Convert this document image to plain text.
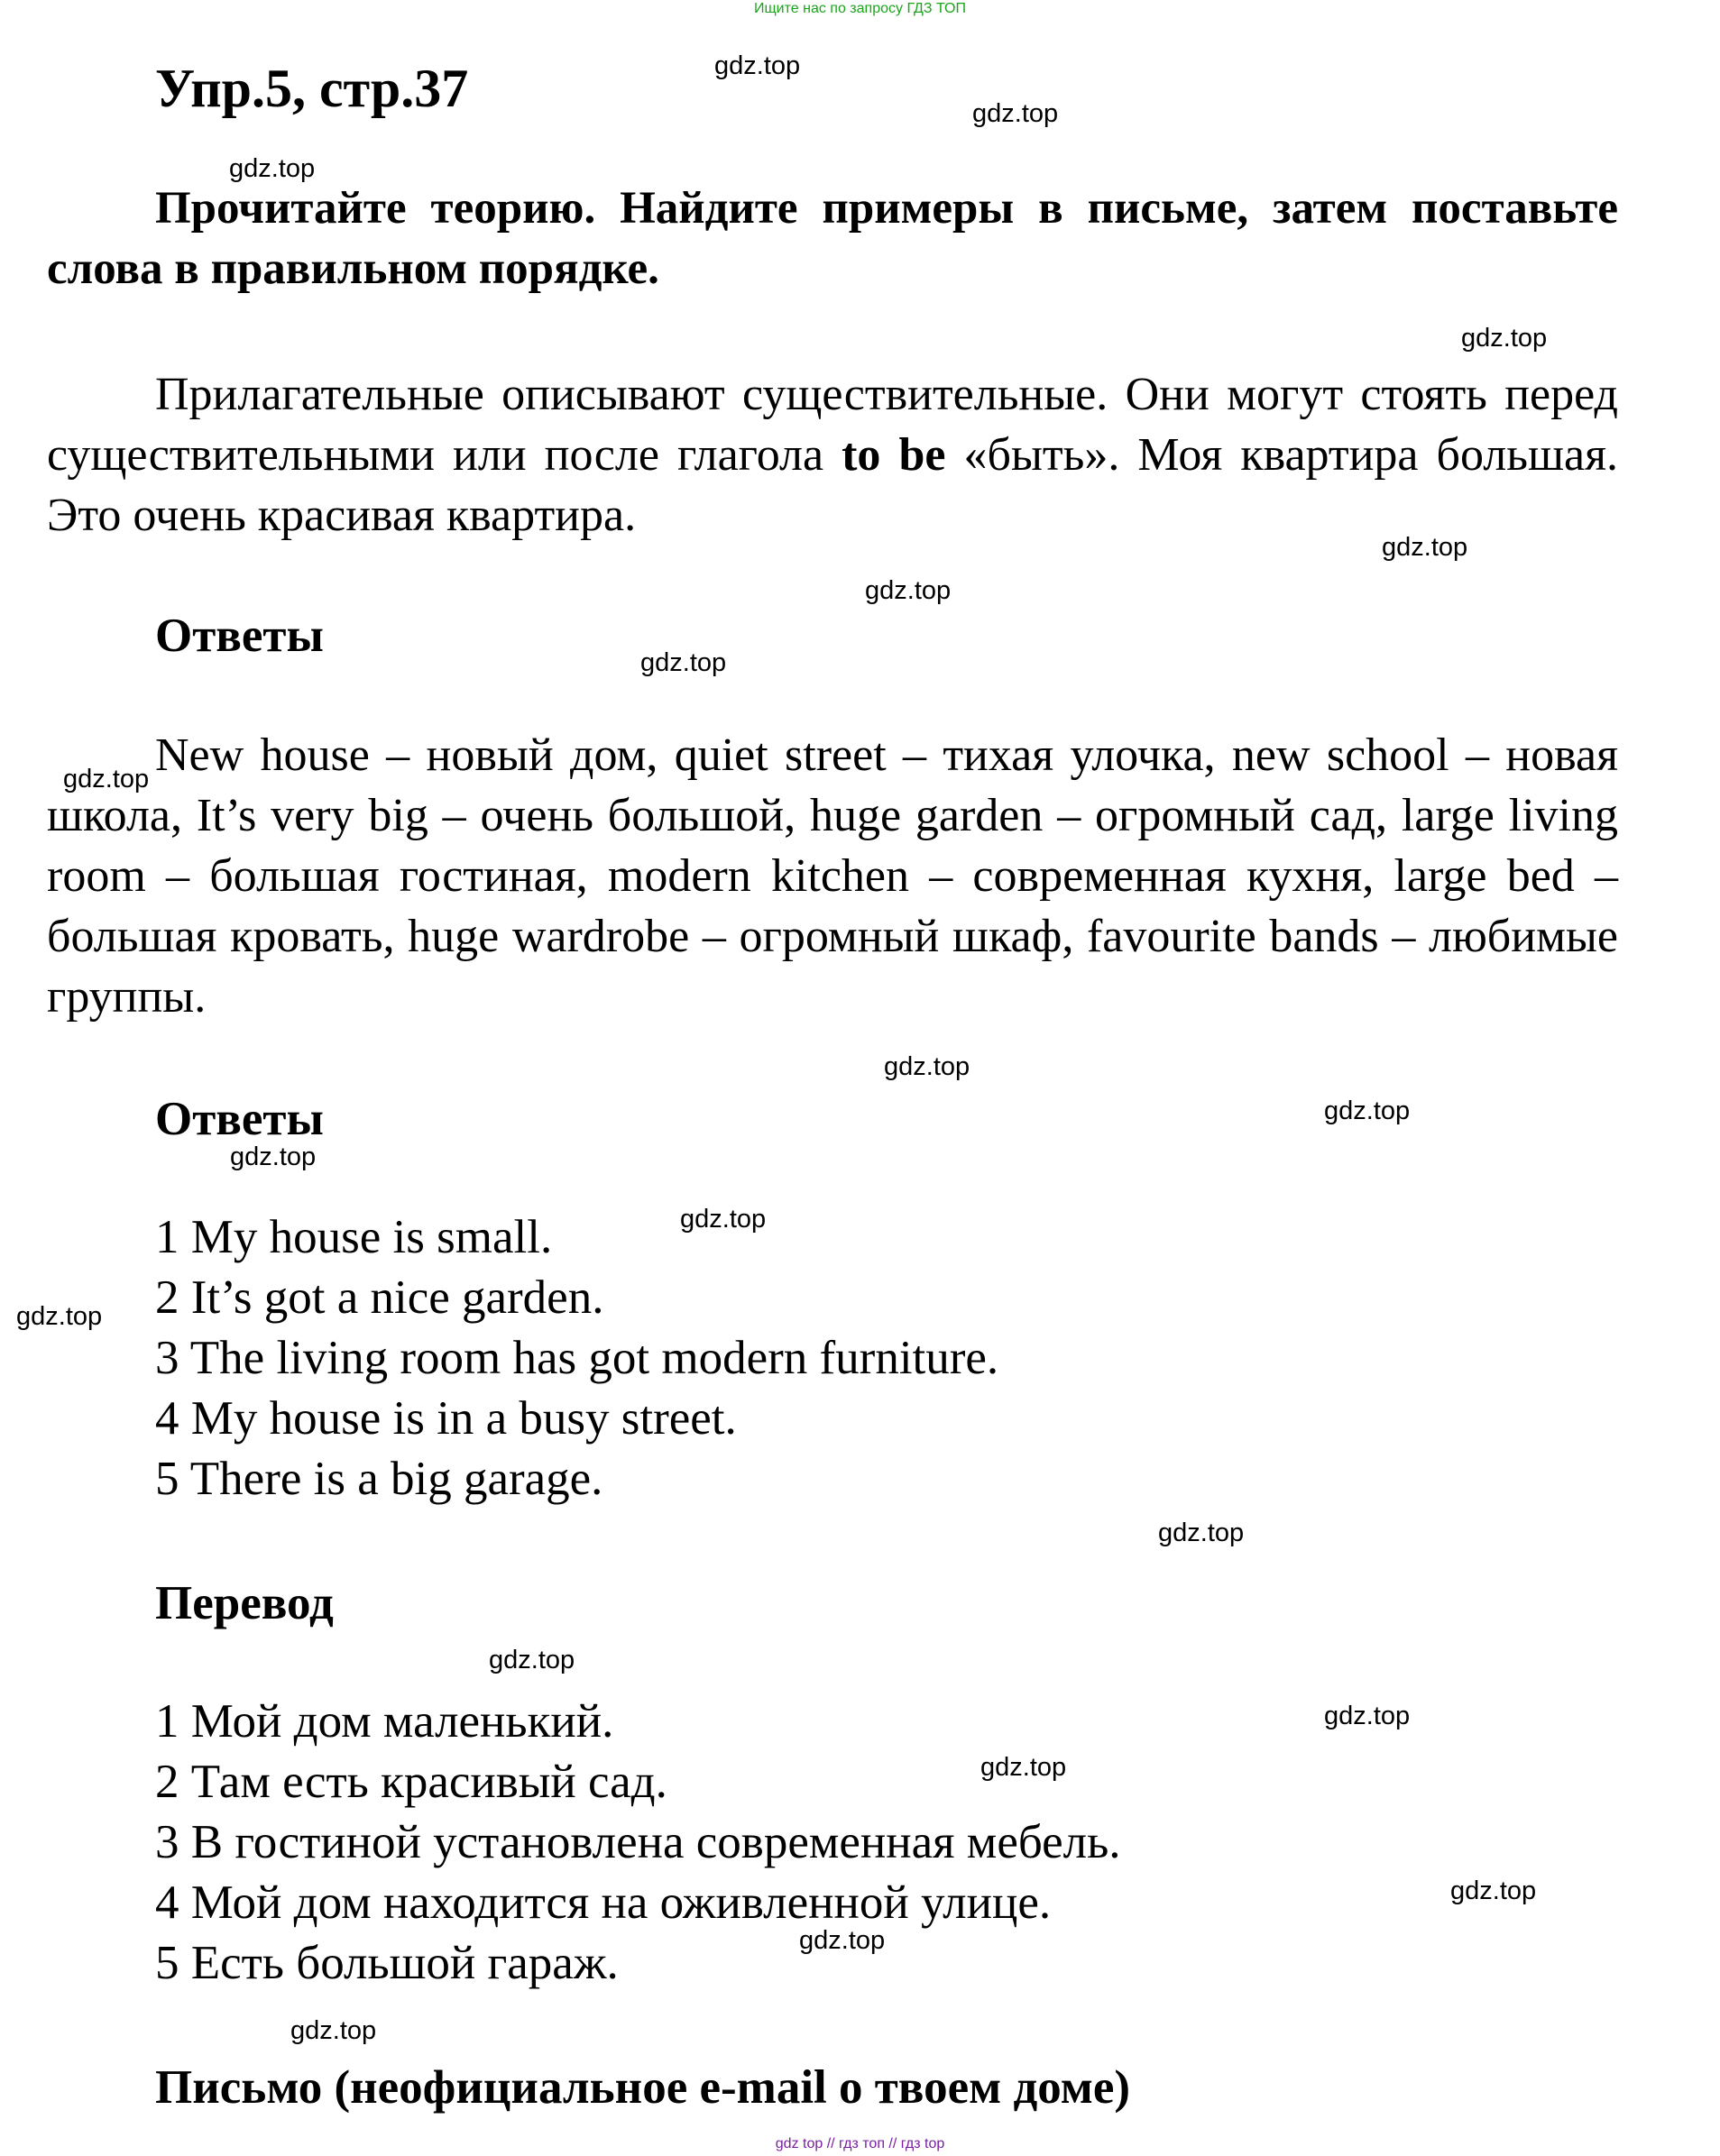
Ищите нас по запросу ГДЗ ТОП
Упр.5, стр.37

Прочитайте теорию. Найдите примеры в письме, затем поставьте слова в правильном порядке.

Прилагательные описывают существительные. Они могут стоять перед существительными или после глагола to be «быть». Моя квартира большая. Это очень красивая квартира.

Ответы

New house – новый дом, quiet street – тихая улочка, new school – новая школа, It’s very big – очень большой, huge garden – огромный сад, large living room – большая гостиная, modern kitchen – современная кухня, large bed – большая кровать, huge wardrobe – огромный шкаф, favourite bands – любимые группы.

Ответы
1 My house is small.
2 It’s got a nice garden.
3 The living room has got modern furniture.
4 My house is in a busy street.
5 There is a big garage.
Перевод
1 Мой дом маленький.
2 Там есть красивый сад.
3 В гостиной установлена современная мебель.
4 Мой дом находится на оживленной улице.
5 Есть большой гараж.
Письмо (неофициальное e-mail о твоем доме)
gdz.top
gdz.top
gdz.top
gdz.top
gdz.top
gdz.top
gdz.top
gdz.top
gdz.top
gdz.top
gdz.top
gdz.top
gdz.top
gdz.top
gdz.top
gdz.top
gdz.top
gdz.top
gdz.top
gdz.top
gdz top // гдз топ // гдз top
